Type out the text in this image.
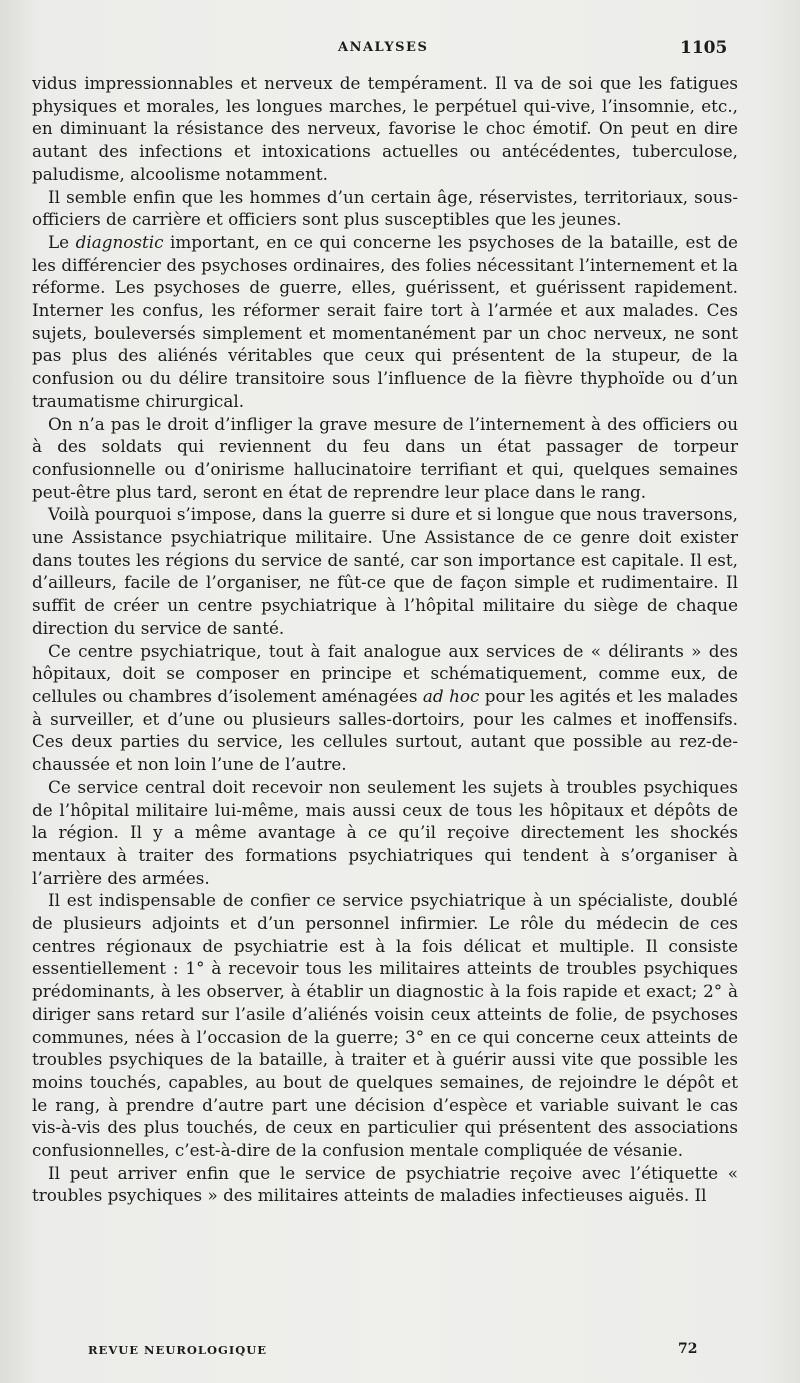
ANALYSES	1105

vidus impressionnables et nerveux de tempérament. Il va de soi que les fatigues physiques et morales, les longues marches, le perpétuel qui-vive, l’insomnie, etc., en diminuant la résistance des nerveux, favorise le choc émotif. On peut en dire autant des infections et intoxications actuelles ou antécédentes, tuberculose, paludisme, alcoolisme notamment.

Il semble enfin que les hommes d’un certain âge, réservistes, territoriaux, sous-officiers de carrière et officiers sont plus susceptibles que les jeunes.

Le diagnostic important, en ce qui concerne les psychoses de la bataille, est de les différencier des psychoses ordinaires, des folies nécessitant l’internement et la réforme. Les psychoses de guerre, elles, guérissent, et guérissent rapidement. Interner les confus, les réformer serait faire tort à l’armée et aux malades. Ces sujets, bouleversés simplement et momentanément par un choc nerveux, ne sont pas plus des aliénés véritables que ceux qui présentent de la stupeur, de la confusion ou du délire transitoire sous l’influence de la fièvre thyphoïde ou d’un traumatisme chirurgical.

On n’a pas le droit d’infliger la grave mesure de l’internement à des officiers ou à des soldats qui reviennent du feu dans un état passager de torpeur confusionnelle ou d’onirisme hallucinatoire terrifiant et qui, quelques semaines peut-être plus tard, seront en état de reprendre leur place dans le rang.

Voilà pourquoi s’impose, dans la guerre si dure et si longue que nous traversons, une Assistance psychiatrique militaire. Une Assistance de ce genre doit exister dans toutes les régions du service de santé, car son importance est capitale. Il est, d’ailleurs, facile de l’organiser, ne fût-ce que de façon simple et rudimentaire. Il suffit de créer un centre psychiatrique à l’hôpital militaire du siège de chaque direction du service de santé.

Ce centre psychiatrique, tout à fait analogue aux services de « délirants » des hôpitaux, doit se composer en principe et schématiquement, comme eux, de cellules ou chambres d’isolement aménagées ad hoc pour les agités et les malades à surveiller, et d’une ou plusieurs salles-dortoirs, pour les calmes et inoffensifs. Ces deux parties du service, les cellules surtout, autant que possible au rez-de-chaussée et non loin l’une de l’autre.

Ce service central doit recevoir non seulement les sujets à troubles psychiques de l’hôpital militaire lui-même, mais aussi ceux de tous les hôpitaux et dépôts de la région. Il y a même avantage à ce qu’il reçoive directement les shockés mentaux à traiter des formations psychiatriques qui tendent à s’organiser à l’arrière des armées.

Il est indispensable de confier ce service psychiatrique à un spécialiste, doublé de plusieurs adjoints et d’un personnel infirmier. Le rôle du médecin de ces centres régionaux de psychiatrie est à la fois délicat et multiple. Il consiste essentiellement : 1° à recevoir tous les militaires atteints de troubles psychiques prédominants, à les observer, à établir un diagnostic à la fois rapide et exact; 2° à diriger sans retard sur l’asile d’aliénés voisin ceux atteints de folie, de psychoses communes, nées à l’occasion de la guerre; 3° en ce qui concerne ceux atteints de troubles psychiques de la bataille, à traiter et à guérir aussi vite que possible les moins touchés, capables, au bout de quelques semaines, de rejoindre le dépôt et le rang, à prendre d’autre part une décision d’espèce et variable suivant le cas vis-à-vis des plus touchés, de ceux en particulier qui présentent des associations confusionnelles, c’est-à-dire de la confusion mentale compliquée de vésanie.

Il peut arriver enfin que le service de psychiatrie reçoive avec l’étiquette « troubles psychiques » des militaires atteints de maladies infectieuses aiguës. Il

REVUE NEUROLOGIQUE	72
